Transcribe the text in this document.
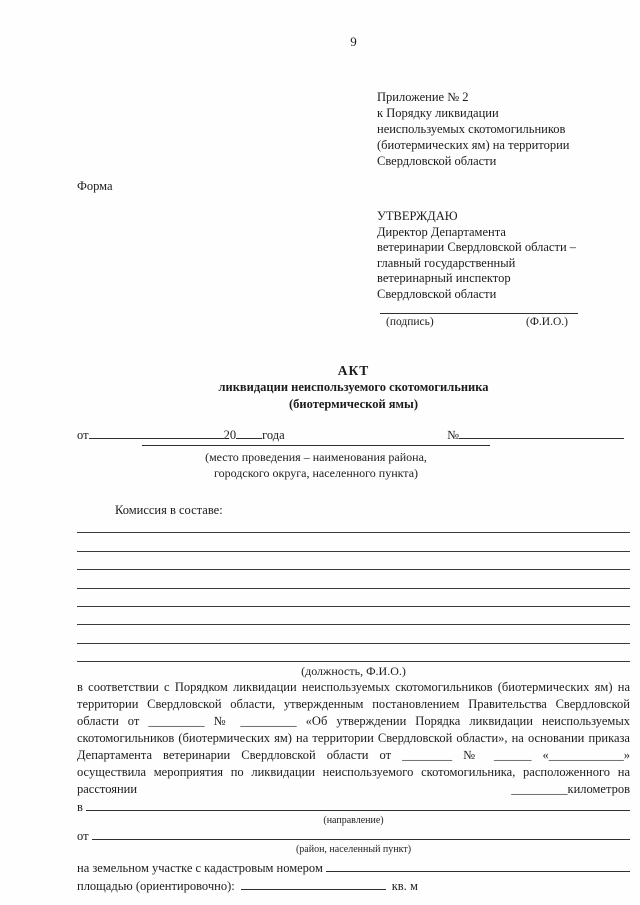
9
Приложение № 2
к Порядку ликвидации
неиспользуемых скотомогильников
(биотермических ям) на территории
Свердловской области
Форма
УТВЕРЖДАЮ
Директор Департамента
ветеринарии Свердловской области –
главный государственный
ветеринарный инспектор
Свердловской области
(подпись)	(Ф.И.О.)
АКТ
ликвидации неиспользуемого скотомогильника
(биотермической ямы)
от	20 года	№
(место проведения – наименования района,
городского округа, населенного пункта)
Комиссия в составе:
(должность, Ф.И.О.)
в соответствии с Порядком ликвидации неиспользуемых скотомогильников (биотермических ям) на территории Свердловской области, утвержденным постановлением Правительства Свердловской области от _________ № _________ «Об утверждении Порядка ликвидации неиспользуемых скотомогильников (биотермических ям) на территории Свердловской области», на основании приказа Департамента ветеринарии Свердловской области от ________ № ______ «____________» осуществила мероприятия по ликвидации неиспользуемого скотомогильника, расположенного на расстоянии _________километров
в
(направление)
от
(район, населенный пункт)
на земельном участке с кадастровым номером
площадью (ориентировочно):	кв. м
